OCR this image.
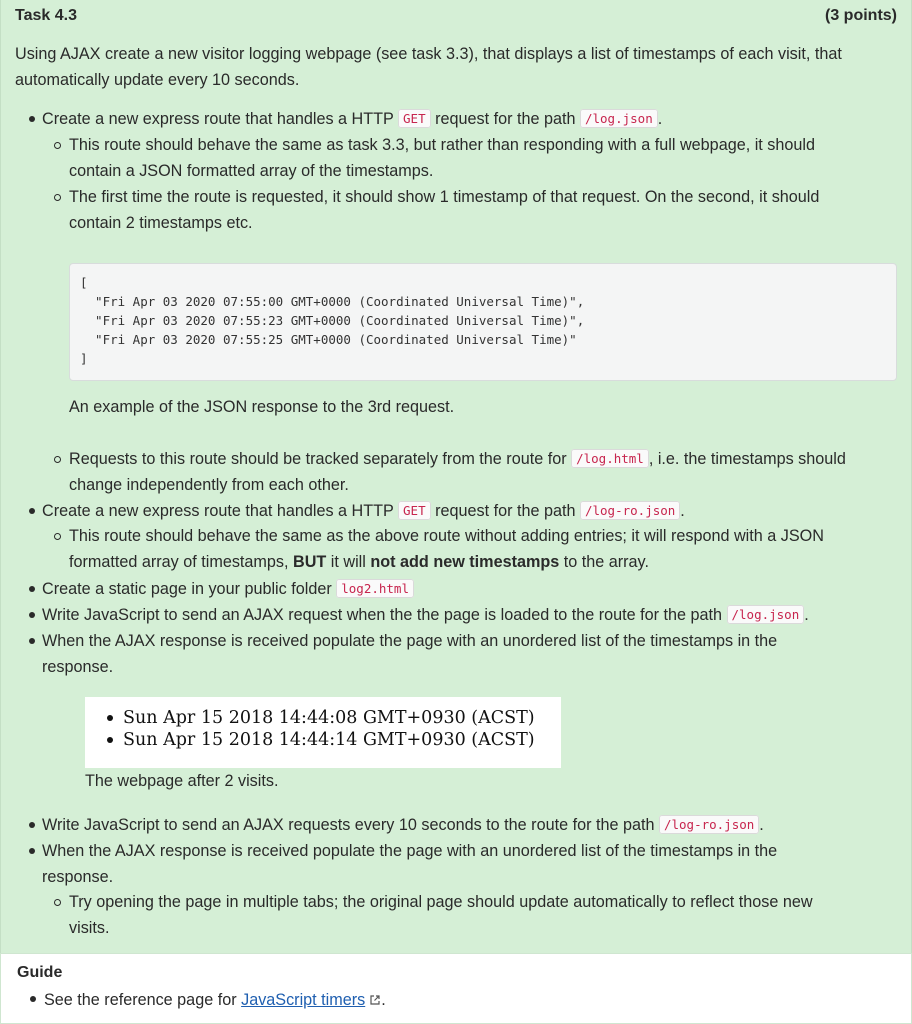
Task 4.3	(3 points)
Using AJAX create a new visitor logging webpage (see task 3.3), that displays a list of timestamps of each visit, that
automatically update every 10 seconds.
Create a new express route that handles a HTTP GET request for the path /log.json .
This route should behave the same as task 3.3, but rather than responding with a full webpage, it should
contain a JSON formatted array of the timestamps.
The first time the route is requested, it should show 1 timestamp of that request. On the second, it should
contain 2 timestamps etc.
[
"Fri Apr 03 2020 07:55:00 GMT+0000 (Coordinated Universal Time)",
"Fri Apr 03 2020 07:55:23 GMT+0000 (Coordinated Universal Time)",
"Fri Apr 03 2020 07:55:25 GMT+0000 (Coordinated Universal Time)"
]
An example of the JSON response to the 3rd request.
Requests to this route should be tracked separately from the route for /log.html , i.e. the timestamps should
change independently from each other.
Create a new express route that handles a HTTP GET request for the path /log-ro.json .
This route should behave the same as the above route without adding entries; it will respond with a JSON
formatted array of timestamps, BUT it will not add new timestamps to the array.
Create a static page in your public folder log2.html
Write JavaScript to send an AJAX request when the the page is loaded to the route for the path /log.json .
When the AJAX response is received populate the page with an unordered list of the timestamps in the
response.
Sun Apr 15 2018 14:44:08 GMT+0930 (ACST)
Sun Apr 15 2018 14:44:14 GMT+0930 (ACST)
The webpage after 2 visits.
Write JavaScript to send an AJAX requests every 10 seconds to the route for the path /log-ro.json .
When the AJAX response is received populate the page with an unordered list of the timestamps in the
response.
Try opening the page in multiple tabs; the original page should update automatically to reflect those new
visits.
Guide
See the reference page for JavaScript timers .
